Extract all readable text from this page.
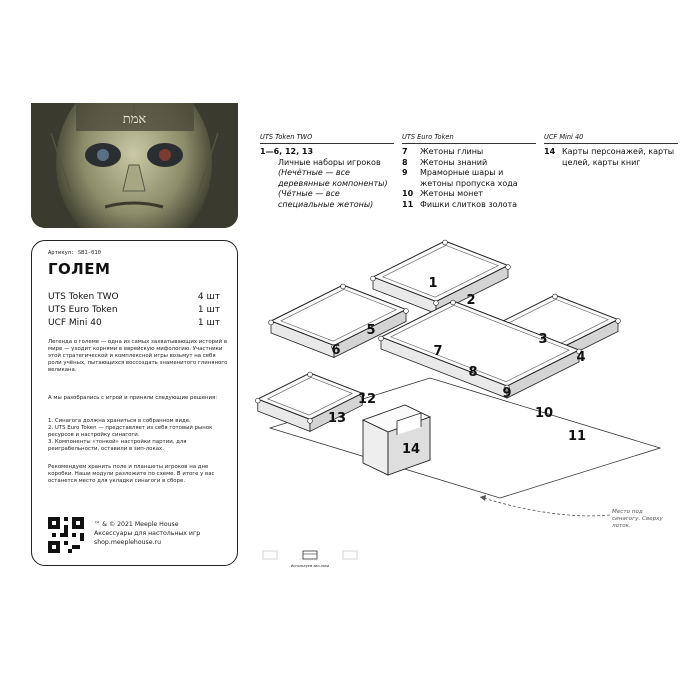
אמת
Артикул: SB1-010
ГОЛЕМ
UTS Token TWO	4 шт
UTS Euro Token	1 шт
UCF Mini 40	1 шт
Легенда о големе — одна из самых захватывающих историй в мире — уходит корнями в еврейскую мифологию. Участники этой стратегической и комплексной игры возьмут на себя роли учёных, пытающихся воссоздать знаменитого глиняного великана.
А мы разобрались с игрой и приняли следующие решения:
1. Синагога должна храниться в собранном виде.
2. UTS Euro Token — представляет из себя готовый рынок ресурсов и настройку синагоги.
3. Компоненты «тонкой» настройки партии, для реиграбельности, оставили в зип-локах.
Рекомендуем хранить поле и планшеты игроков на дне коробки. Наши модули разложите по схеме. В итоге у вас останется место для укладки синагоги в сборе.
™ & © 2021 Meeple House
Аксессуары для настольных игр
shop.meeplehouse.ru
UTS Token TWO
1—6, 12, 13
Личные наборы игроков
(Нечётные — все деревянные компоненты)
(Чётные — все специальные жетоны)
UTS Euro Token
7	Жетоны глины
8	Жетоны знаний
9	Мраморные шары и жетоны пропуска хода
10 Жетоны монет
11 Фишки слитков золота
UCF Mini 40
14 Карты персонажей, карты целей, карты книг
1
2
3
4
5
6	7
8
9
10
11
12
13
14
Место под синагогу. Сверху лоток.
Используем зип-локи
